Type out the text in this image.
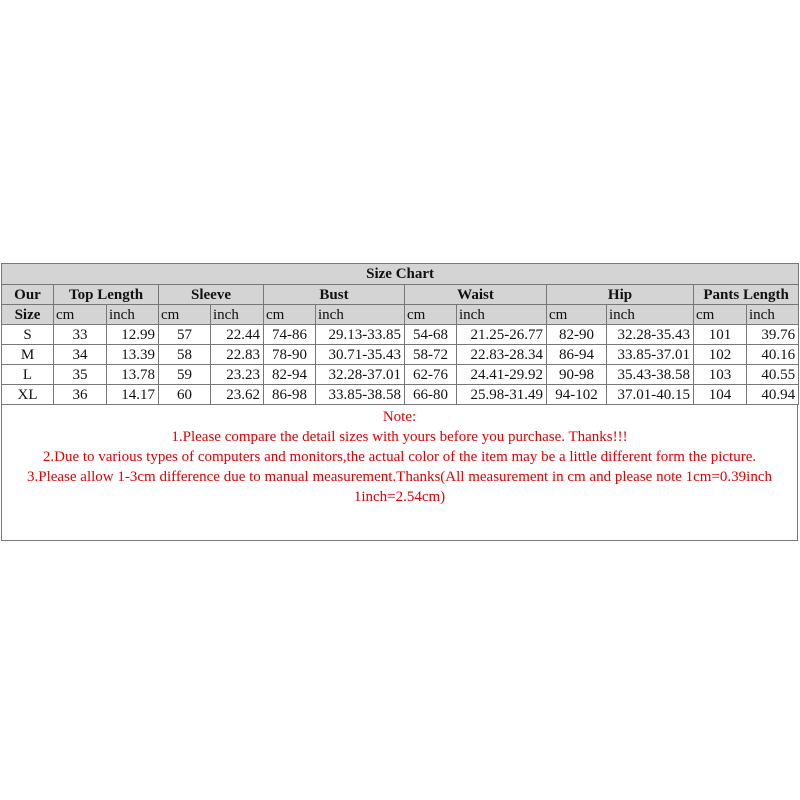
Size Chart												
Our	Top Length		Sleeve		Bust		Waist		Hip		Pants Length	
Size	cm	inch	cm	inch	cm	inch	cm	inch	cm	inch	cm	inch
S	33	12.99	57	22.44	74-86	29.13-33.85	54-68	21.25-26.77	82-90	32.28-35.43	101	39.76
M	34	13.39	58	22.83	78-90	30.71-35.43	58-72	22.83-28.34	86-94	33.85-37.01	102	40.16
L	35	13.78	59	23.23	82-94	32.28-37.01	62-76	24.41-29.92	90-98	35.43-38.58	103	40.55
XL	36	14.17	60	23.62	86-98	33.85-38.58	66-80	25.98-31.49	94-102	37.01-40.15	104	40.94
Note:
1.Please compare the detail sizes with yours before you purchase. Thanks!!!
2.Due to various types of computers and monitors,the actual color of the item may be a little different form the picture.
3.Please allow 1-3cm difference due to manual measurement.Thanks(All measurement in cm and please note 1cm=0.39inch
1inch=2.54cm)
